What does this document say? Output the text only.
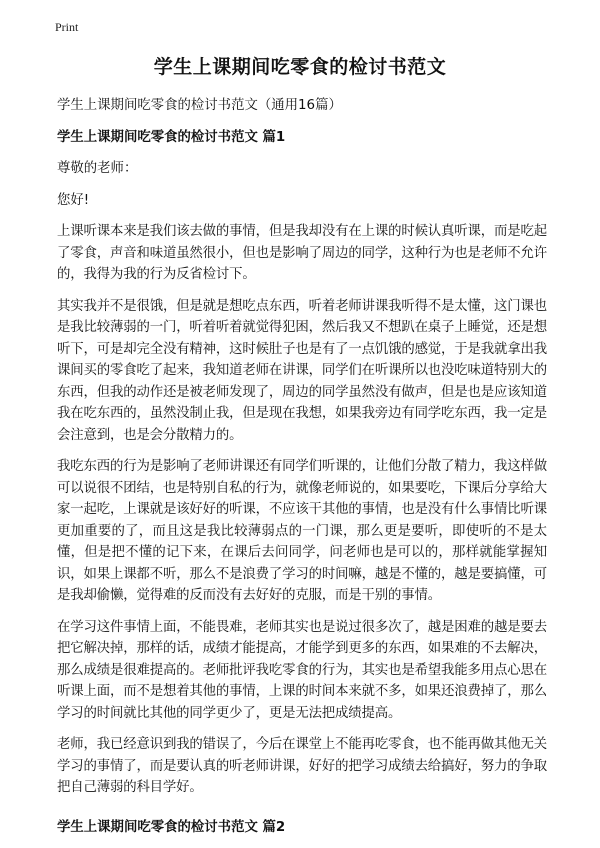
Print
学生上课期间吃零食的检讨书范文

学生上课期间吃零食的检讨书范文（通用16篇）

学生上课期间吃零食的检讨书范文 篇1

尊敬的老师：

您好!

上课听课本来是我们该去做的事情，但是我却没有在上课的时候认真听课，而是吃起了零食，声音和味道虽然很小，但也是影响了周边的同学，这种行为也是老师不允许的，我得为我的行为反省检讨下。

其实我并不是很饿，但是就是想吃点东西，听着老师讲课我听得不是太懂，这门课也是我比较薄弱的一门，听着听着就觉得犯困，然后我又不想趴在桌子上睡觉，还是想听下，可是却完全没有精神，这时候肚子也是有了一点饥饿的感觉，于是我就拿出我课间买的零食吃了起来，我知道老师在讲课，同学们在听课所以也没吃味道特别大的东西，但我的动作还是被老师发现了，周边的同学虽然没有做声，但是也是应该知道我在吃东西的，虽然没制止我，但是现在我想，如果我旁边有同学吃东西，我一定是会注意到，也是会分散精力的。

我吃东西的行为是影响了老师讲课还有同学们听课的，让他们分散了精力，我这样做可以说很不团结，也是特别自私的行为，就像老师说的，如果要吃，下课后分享给大家一起吃，上课就是该好好的听课，不应该干其他的事情，也是没有什么事情比听课更加重要的了，而且这是我比较薄弱点的一门课，那么更是要听，即使听的不是太懂，但是把不懂的记下来，在课后去问同学，问老师也是可以的，那样就能掌握知识，如果上课都不听，那么不是浪费了学习的时间嘛，越是不懂的，越是要搞懂，可是我却偷懒，觉得难的反而没有去好好的克服，而是干别的事情。

在学习这件事情上面，不能畏难，老师其实也是说过很多次了，越是困难的越是要去把它解决掉，那样的话，成绩才能提高，才能学到更多的东西，如果难的不去解决，那么成绩是很难提高的。老师批评我吃零食的行为，其实也是希望我能多用点心思在听课上面，而不是想着其他的事情，上课的时间本来就不多，如果还浪费掉了，那么学习的时间就比其他的同学更少了，更是无法把成绩提高。

老师，我已经意识到我的错误了，今后在课堂上不能再吃零食，也不能再做其他无关学习的事情了，而是要认真的听老师讲课，好好的把学习成绩去给搞好，努力的争取把自己薄弱的科目学好。

学生上课期间吃零食的检讨书范文 篇2
